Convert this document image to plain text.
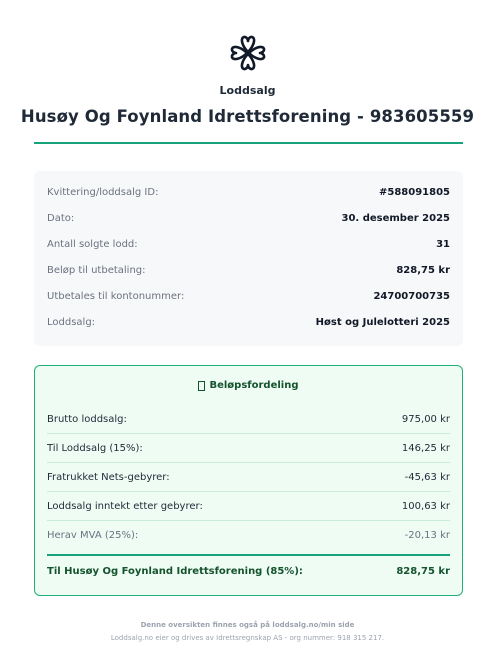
Loddsalg
Husøy Og Foynland Idrettsforening - 983605559
Kvittering/loddsalg ID:	#588091805
Dato:	30. desember 2025
Antall solgte lodd:	31
Beløp til utbetaling:	828,75 kr
Utbetales til kontonummer:	24700700735
Loddsalg:	Høst og Julelotteri 2025
Beløpsfordeling
Brutto loddsalg:	975,00 kr
Til Loddsalg (15%):	146,25 kr
Fratrukket Nets-gebyrer:	-45,63 kr
Loddsalg inntekt etter gebyrer:	100,63 kr
Herav MVA (25%):	-20,13 kr
Til Husøy Og Foynland Idrettsforening (85%):	828,75 kr
Denne oversikten finnes også på loddsalg.no/min side
Loddsalg.no eier og drives av Idrettsregnskap AS - org nummer: 918 315 217.
